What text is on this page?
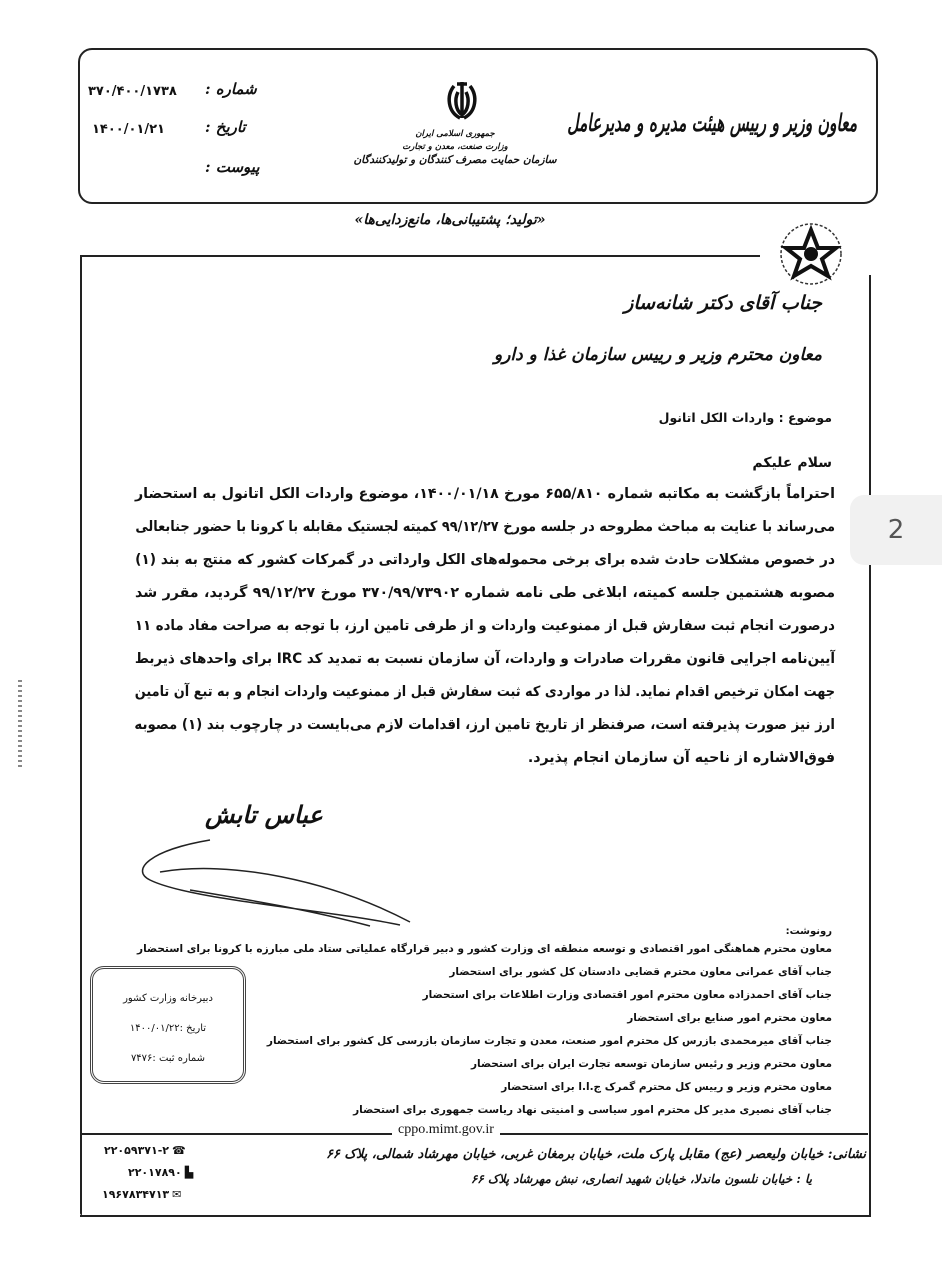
معاون وزیر و رییس هیئت مدیره و مدیرعامل
جمهوری اسلامی ایران
وزارت صنعت، معدن و تجارت
سازمان حمایت مصرف کنندگان و تولیدکنندگان
شماره :
۳۷۰/۴۰۰/۱۷۳۸
تاریخ :
۱۴۰۰/۰۱/۲۱
پیوست :
«تولید؛ پشتیبانی‌ها، مانع‌زدایی‌ها»
جناب آقای دکتر شانه‌ساز
معاون محترم وزیر و رییس سازمان غذا و دارو
موضوع : واردات الکل اتانول
سلام علیکم
احتراماً بازگشت به مکاتبه شماره ۶۵۵/۸۱۰ مورخ ۱۴۰۰/۰۱/۱۸، موضوع واردات الکل اتانول به استحضار
می‌رساند با عنایت به مباحث مطروحه در جلسه مورخ ۹۹/۱۲/۲۷ کمیته لجستیک مقابله با کرونا با حضور جنابعالی
در خصوص مشکلات حادث شده برای برخی محموله‌های الکل وارداتی در گمرکات کشور که منتج به بند (۱)
مصوبه هشتمین جلسه کمیته، ابلاغی طی نامه شماره ۳۷۰/۹۹/۷۳۹۰۲ مورخ ۹۹/۱۲/۲۷ گردید، مقرر شد
درصورت انجام ثبت سفارش قبل از ممنوعیت واردات و از طرفی تامین ارز، با توجه به صراحت مفاد ماده ۱۱
آیین‌نامه اجرایی قانون مقررات صادرات و واردات، آن سازمان نسبت به تمدید کد IRC برای واحدهای ذیربط
جهت امکان ترخیص اقدام نماید. لذا در مواردی که ثبت سفارش قبل از ممنوعیت واردات انجام و به تبع آن تامین
ارز نیز صورت پذیرفته است، صرفنظر از تاریخ تامین ارز، اقدامات لازم می‌بایست در چارچوب بند (۱) مصوبه
فوق‌الاشاره از ناحیه آن سازمان انجام پذیرد.
عباس تابش
رونوشت:
معاون محترم هماهنگی امور اقتصادی و توسعه منطقه ای وزارت کشور و دبیر قرارگاه عملیاتی ستاد ملی مبارزه با کرونا برای استحضار
جناب آقای عمرانی معاون محترم قضایی دادستان کل کشور برای استحضار
جناب آقای احمدزاده معاون محترم امور اقتصادی وزارت اطلاعات برای استحضار
معاون محترم امور صنایع برای استحضار
جناب آقای میرمحمدی بازرس کل محترم امور صنعت، معدن و تجارت سازمان بازرسی کل کشور برای استحضار
معاون محترم وزیر و رئیس سازمان توسعه تجارت ایران برای استحضار
معاون محترم وزیر و رییس کل محترم گمرک ج.ا.ا برای استحضار
جناب آقای نصیری مدیر کل محترم امور سیاسی و امنیتی نهاد ریاست جمهوری برای استحضار
دبیرخانه وزارت کشور
تاریخ :۱۴۰۰/۰۱/۲۲
شماره ثبت :۷۴۷۶
cppo.mimt.gov.ir
نشانی: خیابان ولیعصر (عج) مقابل پارک ملت، خیابان برمغان غربی، خیابان مهرشاد شمالی، پلاک ۶۶
یا : خیابان نلسون ماندلا، خیابان شهید انصاری، نبش مهرشاد پلاک ۶۶
۲۲۰۵۹۳۷۱-۲ ☎
۲۲۰۱۷۸۹۰ ▙
۱۹۶۷۸۳۴۷۱۳ ✉
2
